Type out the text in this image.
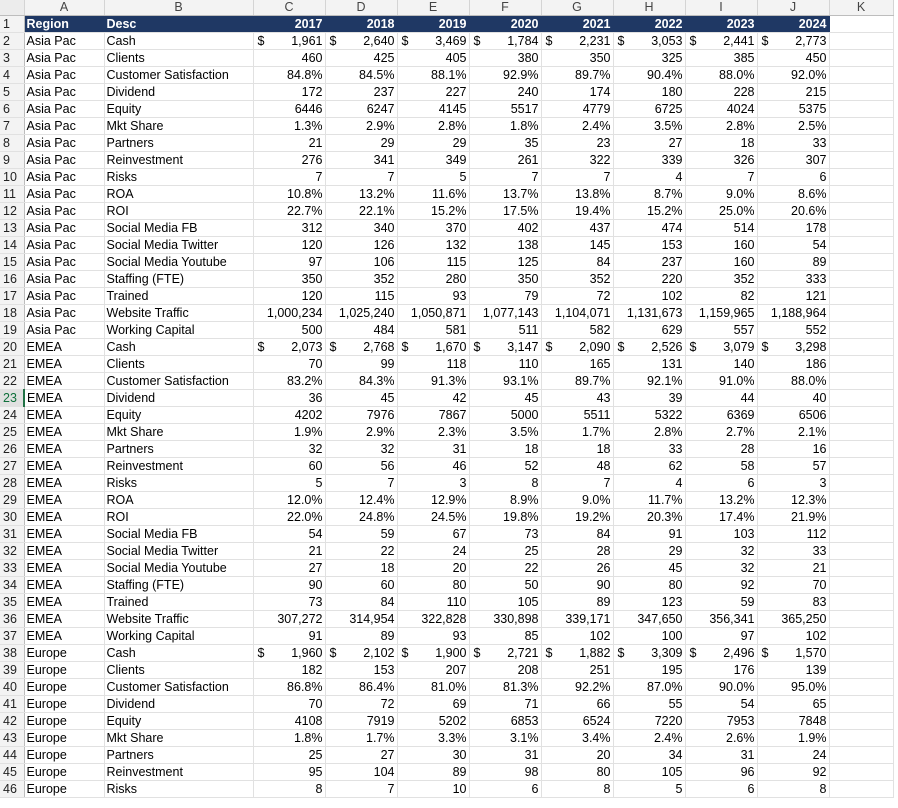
	A	B	C	D	E	F	G	H	I	J	K
1	Region	Desc	2017	2018	2019	2020	2021	2022	2023	2024	
2	Asia Pac	Cash	$ 1,961	$ 2,640	$ 3,469	$ 1,784	$ 2,231	$ 3,053	$ 2,441	$ 2,773	

3	Asia Pac	Clients	460	425	405	380	350	325	385	450	
4	Asia Pac	Customer Satisfaction	84.8%	84.5%	88.1%	92.9%	89.7%	90.4%	88.0%	92.0%	
5	Asia Pac	Dividend	172	237	227	240	174	180	228	215	
6	Asia Pac	Equity	6446	6247	4145	5517	4779	6725	4024	5375	
7	Asia Pac	Mkt Share	1.3%	2.9%	2.8%	1.8%	2.4%	3.5%	2.8%	2.5%	
8	Asia Pac	Partners	21	29	29	35	23	27	18	33	
9	Asia Pac	Reinvestment	276	341	349	261	322	339	326	307	
10	Asia Pac	Risks	7	7	5	7	7	4	7	6	
11	Asia Pac	ROA	10.8%	13.2%	11.6%	13.7%	13.8%	8.7%	9.0%	8.6%	
12	Asia Pac	ROI	22.7%	22.1%	15.2%	17.5%	19.4%	15.2%	25.0%	20.6%	
13	Asia Pac	Social Media FB	312	340	370	402	437	474	514	178	
14	Asia Pac	Social Media Twitter	120	126	132	138	145	153	160	54	
15	Asia Pac	Social Media Youtube	97	106	115	125	84	237	160	89	
16	Asia Pac	Staffing (FTE)	350	352	280	350	352	220	352	333	
17	Asia Pac	Trained	120	115	93	79	72	102	82	121	
18	Asia Pac	Website Traffic	1,000,234	1,025,240	1,050,871	1,077,143	1,104,071	1,131,673	1,159,965	1,188,964	
19	Asia Pac	Working Capital	500	484	581	511	582	629	557	552	
20	EMEA	Cash	$ 2,073	$ 2,768	$ 1,670	$ 3,147	$ 2,090	$ 2,526	$ 3,079	$ 3,298	

21	EMEA	Clients	70	99	118	110	165	131	140	186	
22	EMEA	Customer Satisfaction	83.2%	84.3%	91.3%	93.1%	89.7%	92.1%	91.0%	88.0%	
23	EMEA	Dividend	36	45	42	45	43	39	44	40	
24	EMEA	Equity	4202	7976	7867	5000	5511	5322	6369	6506	
25	EMEA	Mkt Share	1.9%	2.9%	2.3%	3.5%	1.7%	2.8%	2.7%	2.1%	
26	EMEA	Partners	32	32	31	18	18	33	28	16	
27	EMEA	Reinvestment	60	56	46	52	48	62	58	57	
28	EMEA	Risks	5	7	3	8	7	4	6	3	
29	EMEA	ROA	12.0%	12.4%	12.9%	8.9%	9.0%	11.7%	13.2%	12.3%	
30	EMEA	ROI	22.0%	24.8%	24.5%	19.8%	19.2%	20.3%	17.4%	21.9%	
31	EMEA	Social Media FB	54	59	67	73	84	91	103	112	
32	EMEA	Social Media Twitter	21	22	24	25	28	29	32	33	
33	EMEA	Social Media Youtube	27	18	20	22	26	45	32	21	
34	EMEA	Staffing (FTE)	90	60	80	50	90	80	92	70	
35	EMEA	Trained	73	84	110	105	89	123	59	83	
36	EMEA	Website Traffic	307,272	314,954	322,828	330,898	339,171	347,650	356,341	365,250	
37	EMEA	Working Capital	91	89	93	85	102	100	97	102	
38	Europe	Cash	$ 1,960	$ 2,102	$ 1,900	$ 2,721	$ 1,882	$ 3,309	$ 2,496	$ 1,570	

39	Europe	Clients	182	153	207	208	251	195	176	139	
40	Europe	Customer Satisfaction	86.8%	86.4%	81.0%	81.3%	92.2%	87.0%	90.0%	95.0%	
41	Europe	Dividend	70	72	69	71	66	55	54	65	
42	Europe	Equity	4108	7919	5202	6853	6524	7220	7953	7848	
43	Europe	Mkt Share	1.8%	1.7%	3.3%	3.1%	3.4%	2.4%	2.6%	1.9%	
44	Europe	Partners	25	27	30	31	20	34	31	24	
45	Europe	Reinvestment	95	104	89	98	80	105	96	92	
46	Europe	Risks	8	7	10	6	8	5	6	8	
